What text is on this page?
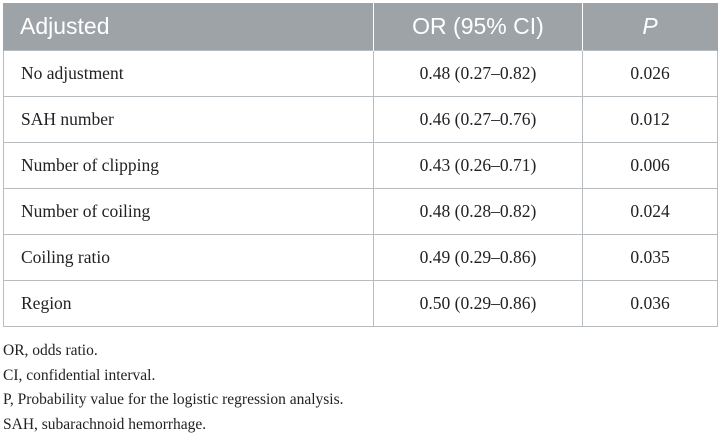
Adjusted	OR (95% CI)	P
No adjustment	0.48 (0.27–0.82)	0.026
SAH number	0.46 (0.27–0.76)	0.012
Number of clipping	0.43 (0.26–0.71)	0.006
Number of coiling	0.48 (0.28–0.82)	0.024
Coiling ratio	0.49 (0.29–0.86)	0.035
Region	0.50 (0.29–0.86)	0.036

OR, odds ratio.

CI, confidential interval.

P, Probability value for the logistic regression analysis.

SAH, subarachnoid hemorrhage.
